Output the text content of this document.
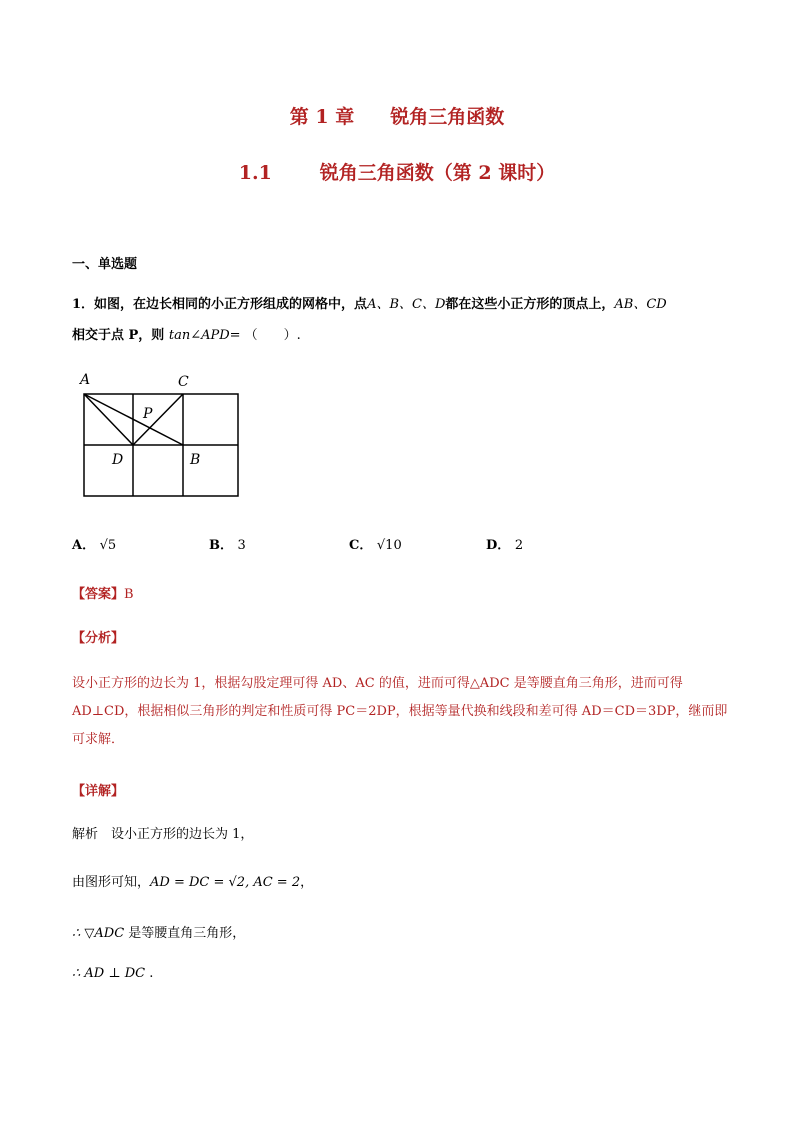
第 1 章 锐角三角函数
1.1	锐角三角函数（第 2 课时）
一、单选题
1．如图，在边长相同的小正方形组成的网格中，点A、B、C、D都在这些小正方形的顶点上，AB、CD
相交于点 P，则 tan∠APD= （　　）.
A	C
P
D	B
A． √5	B． 3	C． √10	D． 2
【答案】B
【分析】
设小正方形的边长为 1，根据勾股定理可得 AD、AC 的值，进而可得△ADC 是等腰直角三角形，进而可得 AD⊥CD，根据相似三角形的判定和性质可得 PC＝2DP，根据等量代换和线段和差可得 AD＝CD＝3DP，继而即可求解．
【详解】
解析　设小正方形的边长为 1，
由图形可知，AD = DC = √2, AC = 2，
∴ ▽ADC 是等腰直角三角形，
∴ AD ⊥ DC .
